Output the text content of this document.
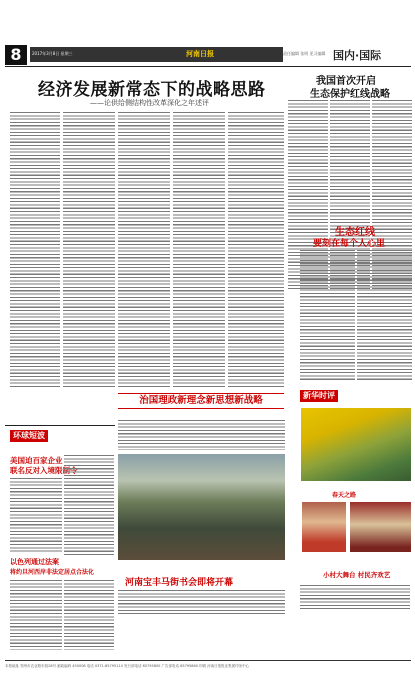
8	2017年3月8日 星期三	河南日报	责任编辑 张明 见习编辑 国内·国际
经济发展新常态下的战略思路
——论供给侧结构性改革深化之年述评
治国理政新理念新思想新战略
我国首次开启
生态保护红线战略
生态红线
要刻在每个人心里
新华时评
环球短波
美国迫百家企业
联名反对入境限制令
以色列通过法案
将约旦河西岸非法定居点合法化
河南宝丰马街书会即将开幕
春天之路
小村大舞台 村民齐欢艺
本报地址 郑州市农业路东段28号 邮政编码 450008 电话 0371-65795114 发行部电话 65795800 广告部电话 65795860 印刷 河南日报报业集团印务中心
